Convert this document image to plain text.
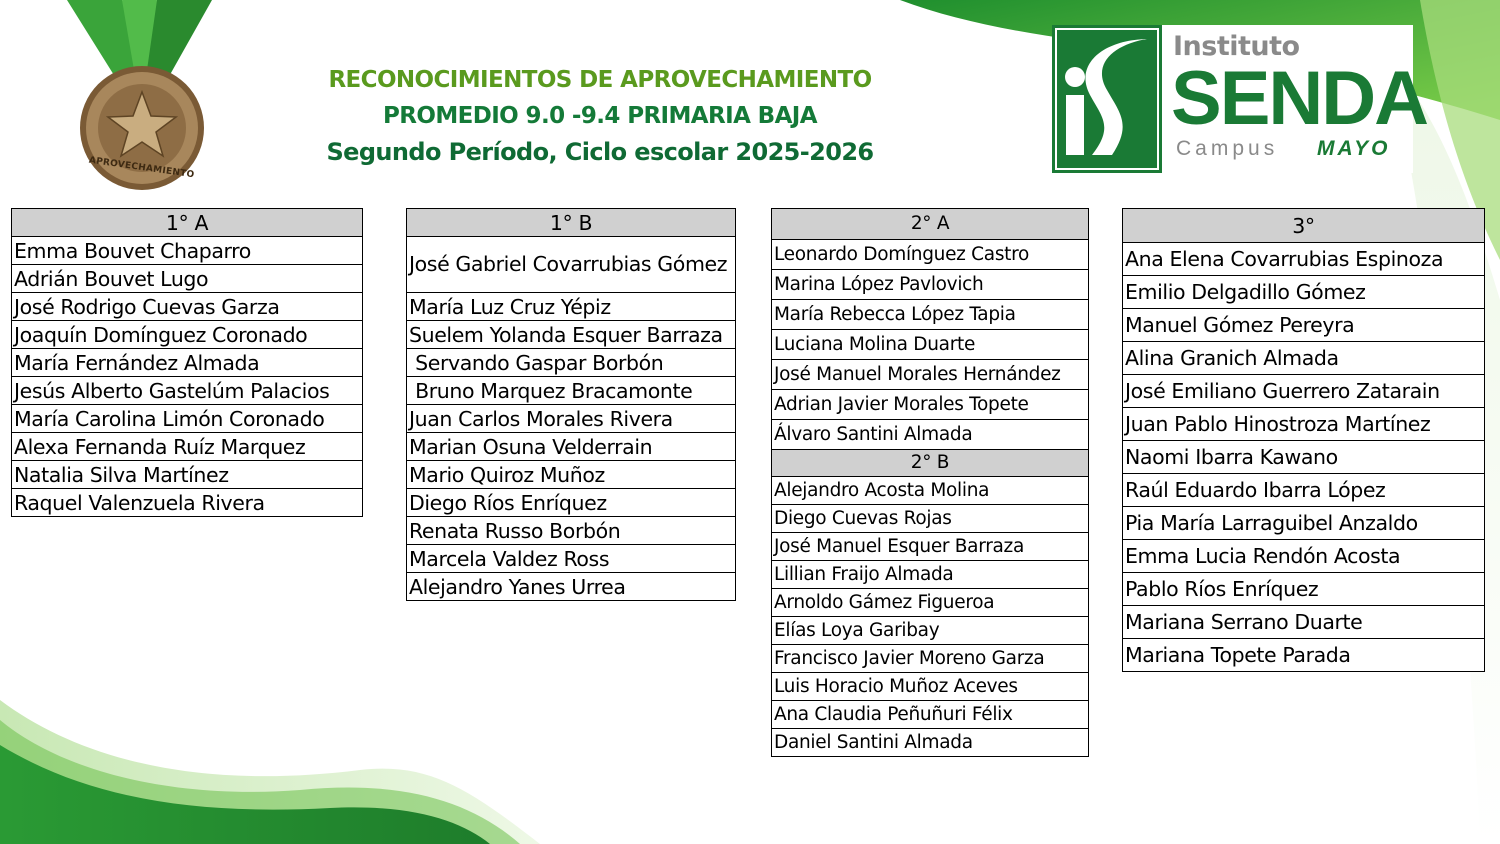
APROVECHAMIENTO
RECONOCIMIENTOS DE APROVECHAMIENTO
PROMEDIO 9.0 -9.4 PRIMARIA BAJA
Segundo Período, Ciclo escolar 2025-2026
Instituto
SENDA
Campus MAYO
1° A
Emma Bouvet Chaparro
Adrián Bouvet Lugo
José Rodrigo Cuevas Garza
Joaquín Domínguez Coronado
María Fernández Almada
Jesús Alberto Gastelúm Palacios
María Carolina Limón Coronado
Alexa Fernanda Ruíz Marquez
Natalia Silva Martínez
Raquel Valenzuela Rivera
1° B
José Gabriel Covarrubias Gómez
María Luz Cruz Yépiz
Suelem Yolanda Esquer Barraza
Servando Gaspar Borbón
Bruno Marquez Bracamonte
Juan Carlos Morales Rivera
Marian Osuna Velderrain
Mario Quiroz Muñoz
Diego Ríos Enríquez
Renata Russo Borbón
Marcela Valdez Ross
Alejandro Yanes Urrea
2° A
Leonardo Domínguez Castro
Marina López Pavlovich
María Rebecca López Tapia
Luciana Molina Duarte
José Manuel Morales Hernández
Adrian Javier Morales Topete
Álvaro Santini Almada
2° B
Alejandro Acosta Molina
Diego Cuevas Rojas
José Manuel Esquer Barraza
Lillian Fraijo Almada
Arnoldo Gámez Figueroa
Elías Loya Garibay
Francisco Javier Moreno Garza
Luis Horacio Muñoz Aceves
Ana Claudia Peñuñuri Félix
Daniel Santini Almada
3°
Ana Elena Covarrubias Espinoza
Emilio Delgadillo Gómez
Manuel Gómez Pereyra
Alina Granich Almada
José Emiliano Guerrero Zatarain
Juan Pablo Hinostroza Martínez
Naomi Ibarra Kawano
Raúl Eduardo Ibarra López
Pia María Larraguibel Anzaldo
Emma Lucia Rendón Acosta
Pablo Ríos Enríquez
Mariana Serrano Duarte
Mariana Topete Parada
